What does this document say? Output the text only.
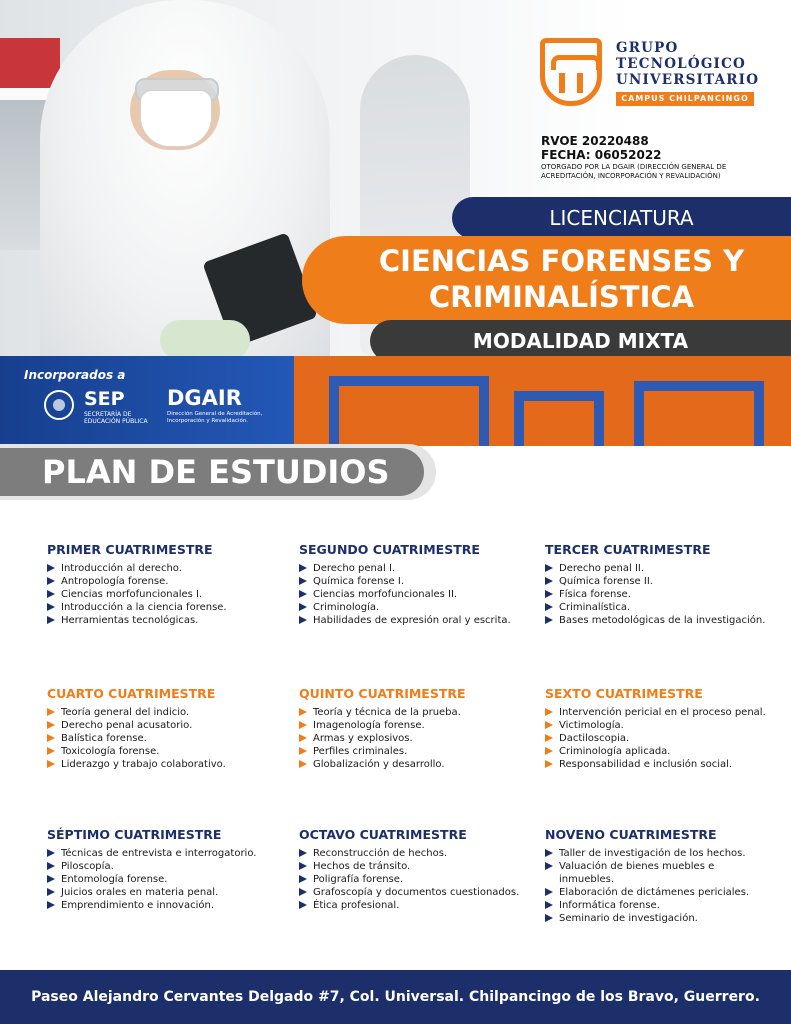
GRUPO
TECNOLÓGICO
UNIVERSITARIO
CAMPUS CHILPANCINGO
RVOE 20220488
FECHA: 06052022
OTORGADO POR LA DGAIR (DIRECCIÓN GENERAL DE ACREDITACIÓN, INCORPORACIÓN Y REVALIDACIÓN)
LICENCIATURA
CIENCIAS FORENSES Y
CRIMINALÍSTICA
MODALIDAD MIXTA
Incorporados a
SEP
SECRETARÍA DE
EDUCACIÓN PÚBLICA
DGAIR
Dirección General de Acreditación,
Incorporación y Revalidación.
PLAN DE ESTUDIOS
PRIMER CUATRIMESTRE
Introducción al derecho.
Antropología forense.
Ciencias morfofuncionales I.
Introducción a la ciencia forense.
Herramientas tecnológicas.
SEGUNDO CUATRIMESTRE
Derecho penal I.
Química forense I.
Ciencias morfofuncionales II.
Criminología.
Habilidades de expresión oral y escrita.
TERCER CUATRIMESTRE
Derecho penal II.
Química forense II.
Física forense.
Criminalística.
Bases metodológicas de la investigación.
CUARTO CUATRIMESTRE
Teoría general del indicio.
Derecho penal acusatorio.
Balística forense.
Toxicología forense.
Liderazgo y trabajo colaborativo.
QUINTO CUATRIMESTRE
Teoría y técnica de la prueba.
Imagenología forense.
Armas y explosivos.
Perfiles criminales.
Globalización y desarrollo.
SEXTO CUATRIMESTRE
Intervención pericial en el proceso penal.
Victimología.
Dactiloscopia.
Criminología aplicada.
Responsabilidad e inclusión social.
SÉPTIMO CUATRIMESTRE
Técnicas de entrevista e interrogatorio.
Piloscopía.
Entomología forense.
Juicios orales en materia penal.
Emprendimiento e innovación.
OCTAVO CUATRIMESTRE
Reconstrucción de hechos.
Hechos de tránsito.
Poligrafía forense.
Grafoscopía y documentos cuestionados.
Ética profesional.
NOVENO CUATRIMESTRE
Taller de investigación de los hechos.
Valuación de bienes muebles e inmuebles.
Elaboración de dictámenes periciales.
Informática forense.
Seminario de investigación.
Paseo Alejandro Cervantes Delgado #7, Col. Universal. Chilpancingo de los Bravo, Guerrero.
